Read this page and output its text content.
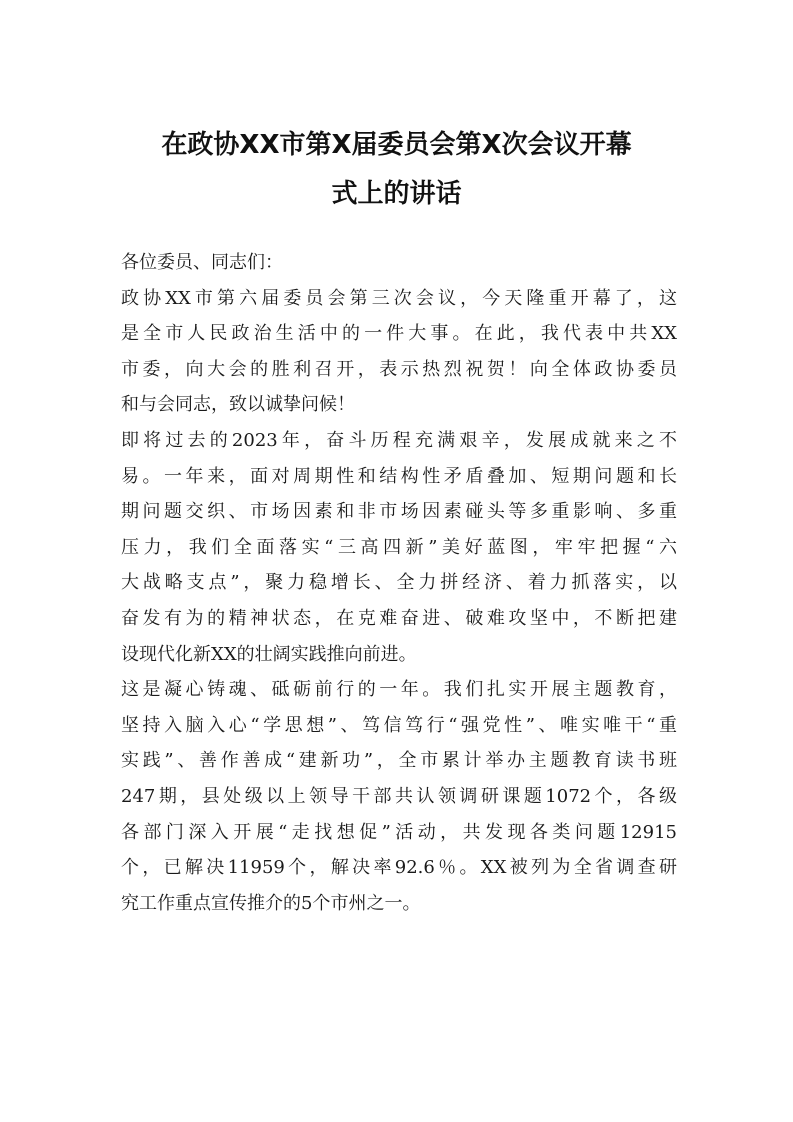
在政协XX市第X届委员会第X次会议开幕
式上的讲话
各位委员、同志们：
政协XX市第六届委员会第三次会议，今天隆重开幕了，这
是全市人民政治生活中的一件大事。在此，我代表中共XX
市委，向大会的胜利召开，表示热烈祝贺！向全体政协委员
和与会同志，致以诚挚问候！
即将过去的2023年，奋斗历程充满艰辛，发展成就来之不
易。一年来，面对周期性和结构性矛盾叠加、短期问题和长
期问题交织、市场因素和非市场因素碰头等多重影响、多重
压力，我们全面落实“三高四新”美好蓝图，牢牢把握“六
大战略支点”，聚力稳增长、全力拼经济、着力抓落实，以
奋发有为的精神状态，在克难奋进、破难攻坚中，不断把建
设现代化新XX的壮阔实践推向前进。
这是凝心铸魂、砥砺前行的一年。我们扎实开展主题教育，
坚持入脑入心“学思想”、笃信笃行“强党性”、唯实唯干“重
实践”、善作善成“建新功”，全市累计举办主题教育读书班
247期，县处级以上领导干部共认领调研课题1072个，各级
各部门深入开展“走找想促”活动，共发现各类问题12915
个，已解决11959个，解决率92.6％。XX被列为全省调查研
究工作重点宣传推介的5个市州之一。
